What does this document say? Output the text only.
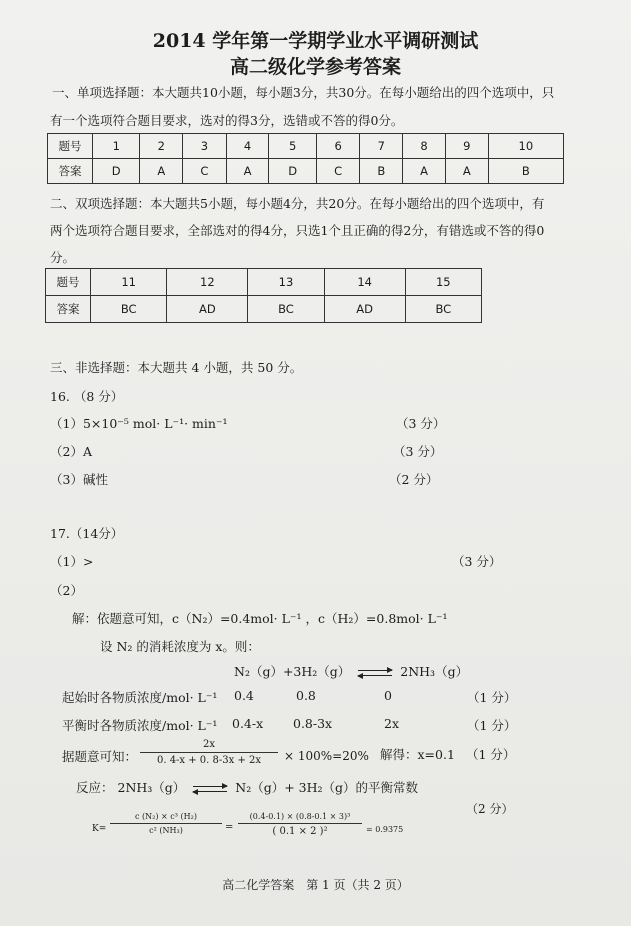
2014 学年第一学期学业水平调研测试
高二级化学参考答案
一、单项选择题：本大题共10小题，每小题3分，共30分。在每小题给出的四个选项中，只
有一个选项符合题目要求，选对的得3分，选错或不答的得0分。
题号	1	2	3	4	5	6	7	8	9	10
答案	D	A	C	A	D	C	B	A	A	B
二、双项选择题：本大题共5小题，每小题4分，共20分。在每小题给出的四个选项中，有
两个选项符合题目要求，全部选对的得4分，只选1个且正确的得2分，有错选或不答的得0
分。
题号	11	12	13	14	15
答案	BC	AD	BC	AD	BC
三、非选择题：本大题共 4 小题，共 50 分。
16. （8 分）
（1）5×10⁻⁵ mol· L⁻¹· min⁻¹	（3 分）
（2）A	（3 分）
（3）碱性	（2 分）
17.（14分）
（1）>	（3 分）
（2）
解：依题意可知，c（N₂）=0.4mol· L⁻¹ ，c（H₂）=0.8mol· L⁻¹
设 N₂ 的消耗浓度为 x。则：
N₂（g）+3H₂（g）	2NH₃（g）
起始时各物质浓度/mol· L⁻¹ 0.4	0.8	0	（1 分）
平衡时各物质浓度/mol· L⁻¹ 0.4-x 0.8-3x	2x	（1 分）
据题意可知：
2x
0. 4-x + 0. 8-3x + 2x	× 100%=20% 解得：x=0.1 （1 分）
反应： 2NH₃（g）	N₂（g）+ 3H₂（g）的平衡常数
（2 分）
K=
c (N₂) × c³ (H₂)
c² (NH₃)	=
(0.4-0.1) × (0.8-0.1 × 3)³
( 0.1 × 2 )²	= 0.9375
高二化学答案　第 1 页（共 2 页）
